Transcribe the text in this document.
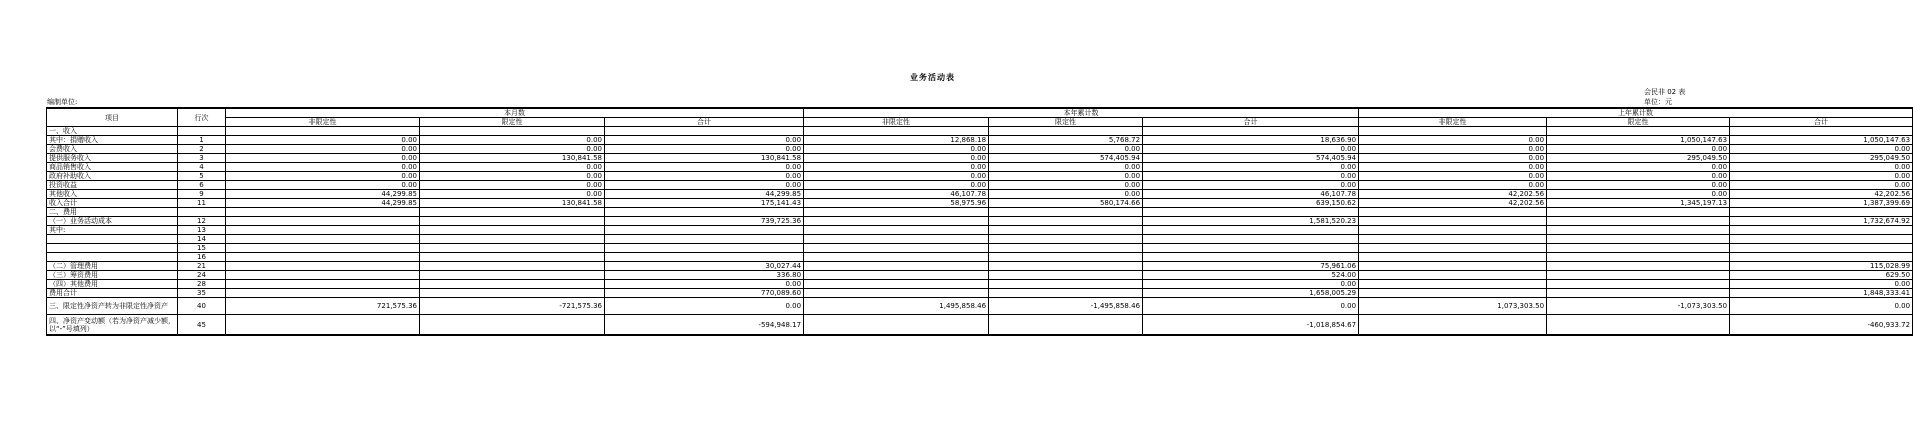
业务活动表
会民非 02 表
单位：元
编制单位:
项目	行次	本月数			本年累计数			上年累计数		
		非限定性	限定性	合计	非限定性	限定性	合计	非限定性	限定性	合计
一、收入										
其中：捐赠收入	1	0.00	0.00	0.00	12,868.18	5,768.72	18,636.90	0.00	1,050,147.63	1,050,147.63
会费收入	2	0.00	0.00	0.00	0.00	0.00	0.00	0.00	0.00	0.00
提供服务收入	3	0.00	130,841.58	130,841.58	0.00	574,405.94	574,405.94	0.00	295,049.50	295,049.50
商品销售收入	4	0.00	0.00	0.00	0.00	0.00	0.00	0.00	0.00	0.00
政府补助收入	5	0.00	0.00	0.00	0.00	0.00	0.00	0.00	0.00	0.00
投资收益	6	0.00	0.00	0.00	0.00	0.00	0.00	0.00	0.00	0.00
其他收入	9	44,299.85	0.00	44,299.85	46,107.78	0.00	46,107.78	42,202.56	0.00	42,202.56
收入合计	11	44,299.85	130,841.58	175,141.43	58,975.96	580,174.66	639,150.62	42,202.56	1,345,197.13	1,387,399.69
二、费用										
（一）业务活动成本	12			739,725.36			1,581,520.23			1,732,674.92
其中:	13									
	14									
	15									
	16									
（二）管理费用	21			30,027.44			75,961.06			115,028.99
（三）筹资费用	24			336.80			524.00			629.50
（四）其他费用	28			0.00			0.00			0.00
费用合计	35			770,089.60			1,658,005.29			1,848,333.41
三、限定性净资产转为非限定性净资产	40	721,575.36	-721,575.36	0.00	1,495,858.46	-1,495,858.46	0.00	1,073,303.50	-1,073,303.50	0.00
四、净资产变动额（若为净资产减少额，以“-”号填列）	45			-594,948.17			-1,018,854.67			-460,933.72
